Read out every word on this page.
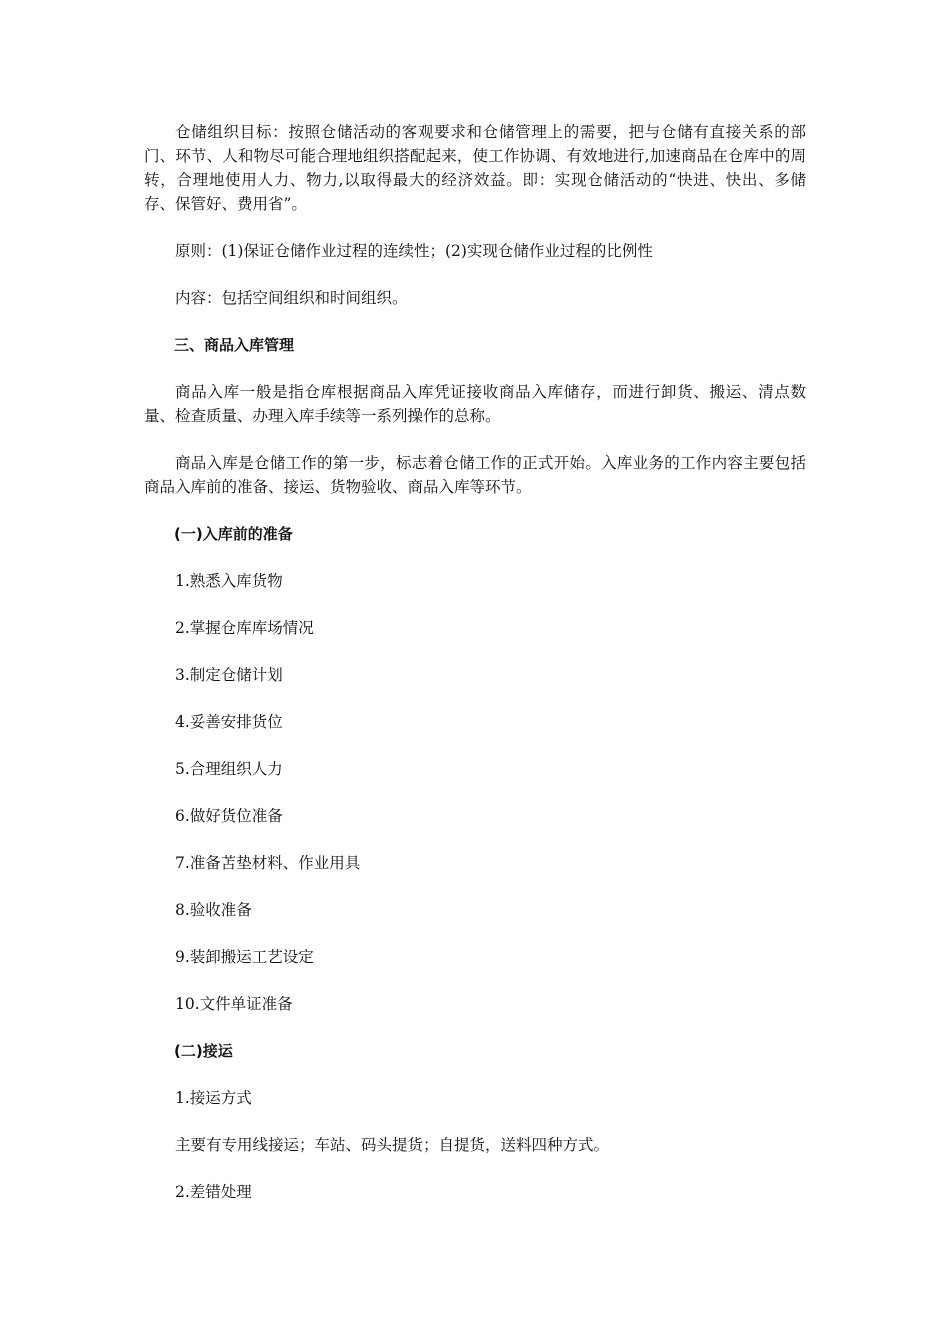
仓储组织目标：按照仓储活动的客观要求和仓储管理上的需要，把与仓储有直接关系的部门、环节、人和物尽可能合理地组织搭配起来，使工作协调、有效地进行,加速商品在仓库中的周转，合理地使用人力、物力,以取得最大的经济效益。即：实现仓储活动的“快进、快出、多储存、保管好、费用省”。

原则：(1)保证仓储作业过程的连续性；(2)实现仓储作业过程的比例性

内容：包括空间组织和时间组织。

三、商品入库管理

商品入库一般是指仓库根据商品入库凭证接收商品入库储存，而进行卸货、搬运、清点数量、检查质量、办理入库手续等一系列操作的总称。

商品入库是仓储工作的第一步，标志着仓储工作的正式开始。入库业务的工作内容主要包括商品入库前的准备、接运、货物验收、商品入库等环节。

(一)入库前的准备

1.熟悉入库货物

2.掌握仓库库场情况

3.制定仓储计划

4.妥善安排货位

5.合理组织人力

6.做好货位准备

7.准备苫垫材料、作业用具

8.验收准备

9.装卸搬运工艺设定

10.文件单证准备

(二)接运

1.接运方式

主要有专用线接运；车站、码头提货；自提货，送料四种方式。

2.差错处理
